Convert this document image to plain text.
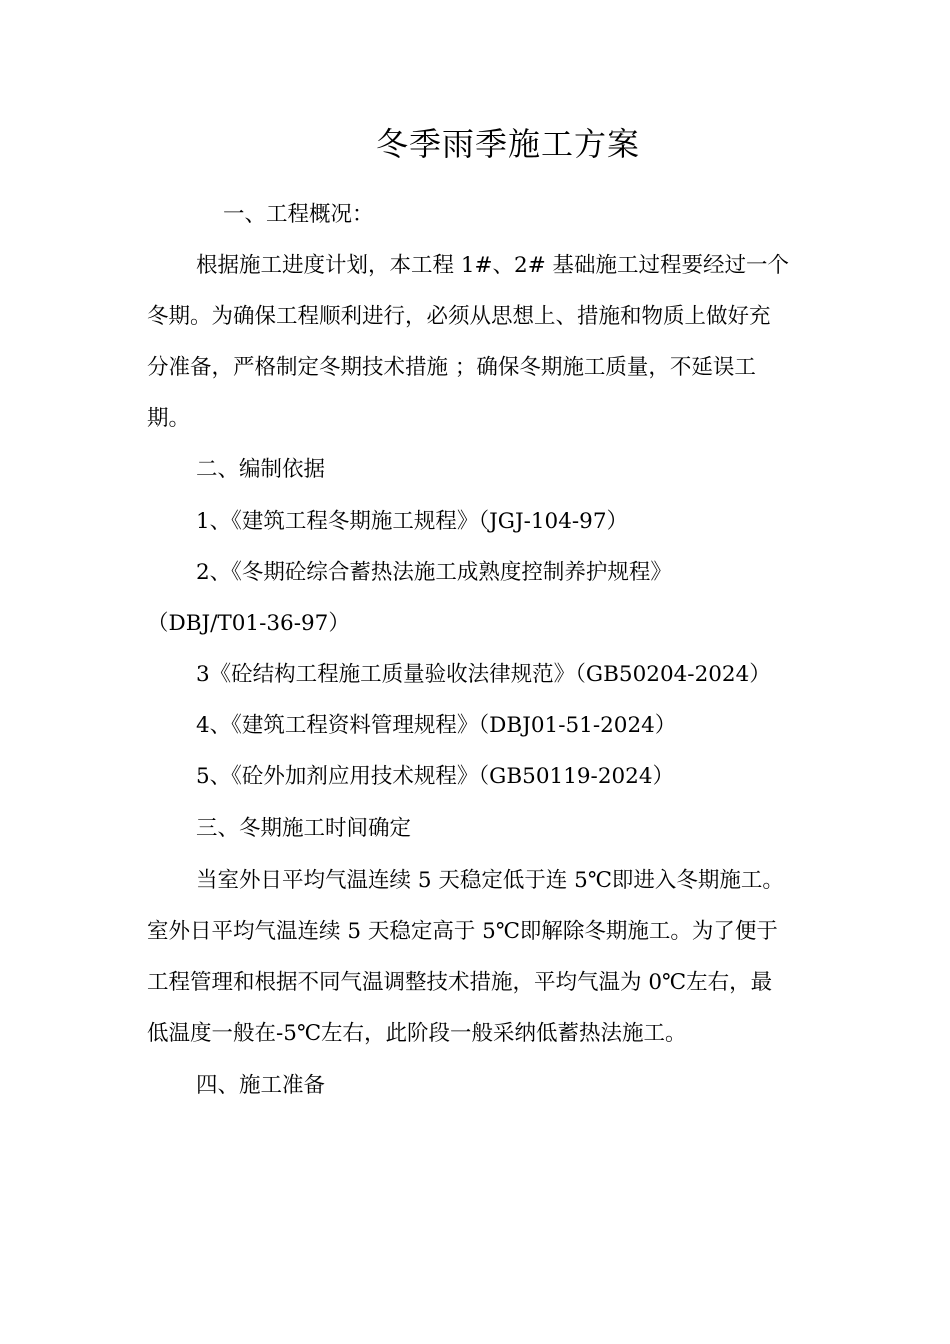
冬季雨季施工方案
一、工程概况：
根据施工进度计划，本工程 1#、2# 基础施工过程要经过一个
冬期。为确保工程顺利进行，必须从思想上、措施和物质上做好充
分准备，严格制定冬期技术措施 ；确保冬期施工质量，不延误工
期。
二、编制依据
1、《建筑工程冬期施工规程》（JGJ-104-97）
2、《冬期砼综合蓄热法施工成熟度控制养护规程》
（DBJ/T01-36-97）
3《砼结构工程施工质量验收法律规范》（GB50204-2024）
4、《建筑工程资料管理规程》（DBJ01-51-2024）
5、《砼外加剂应用技术规程》（GB50119-2024）
三、冬期施工时间确定
当室外日平均气温连续 5 天稳定低于连 5℃即进入冬期施工。
室外日平均气温连续 5 天稳定高于 5℃即解除冬期施工。为了便于
工程管理和根据不同气温调整技术措施，平均气温为 0℃左右，最
低温度一般在-5℃左右，此阶段一般采纳低蓄热法施工。
四、施工准备
